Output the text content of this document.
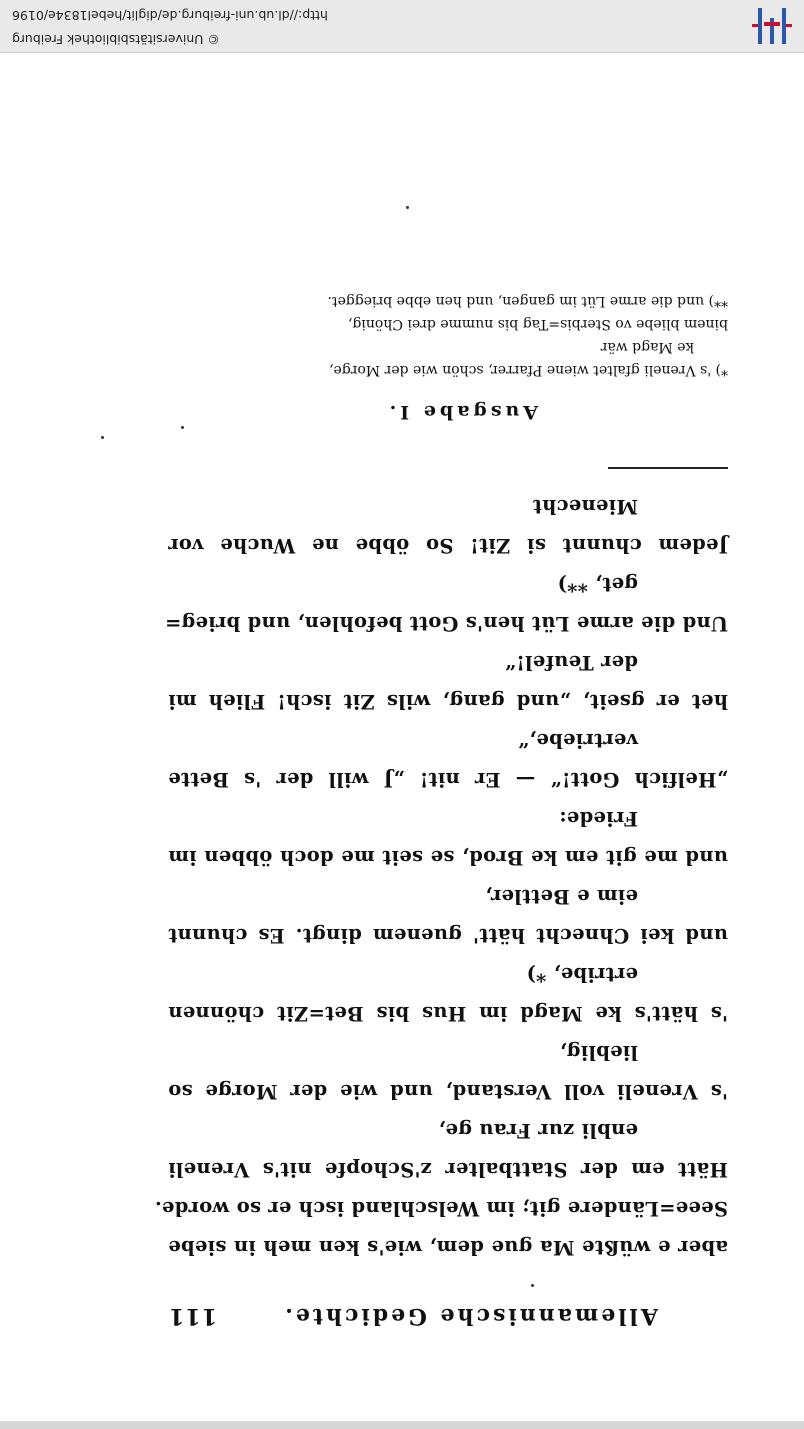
Allemannische Gedichte.
111
aber e wüßte Ma gue dem, wie's ken meh in siebe
Seee=Ländere git; im Welschland isch er so worde.
Hätt em der Stattbalter z'Schopfe nit's Vreneli
enbli zur Frau ge,
's Vreneli voll Verstand, und wie der Morge so
lieblig,
's hätt's ke Magd im Hus bis Bet=Zit chönnen
ertribe, *)
und kei Chnecht hätt' guenem dingt. Es chunnt
eim e Bettler,
und me git em ke Brod, se seit me doch öbben im
Friede:
„Helfich Gott!“ — Er nit! „J will der 's Bette
vertriebe,“
het er gseit, „und gang, wils Zit isch! Flieh mi
der Teufel!“
Und die arme Lüt hen's Gott befohlen, und brieg=
get, **)
Jedem chunnt si Zit! So öbbe ne Wuche vor
Mienecht
Ausgabe I.
*) 's Vreneli gfaltet wiene Pfarrer, schön wie der Morge,
ke Magd wär
binem bliebe vo Sterbis=Tag bis numme drei Chönig,
**) und die arme Lüt im gangen, und hen ebbe briegget.
© Universitätsbibliothek Freiburg
http://dl.ub.uni-freiburg.de/diglit/hebel1834e/0196
